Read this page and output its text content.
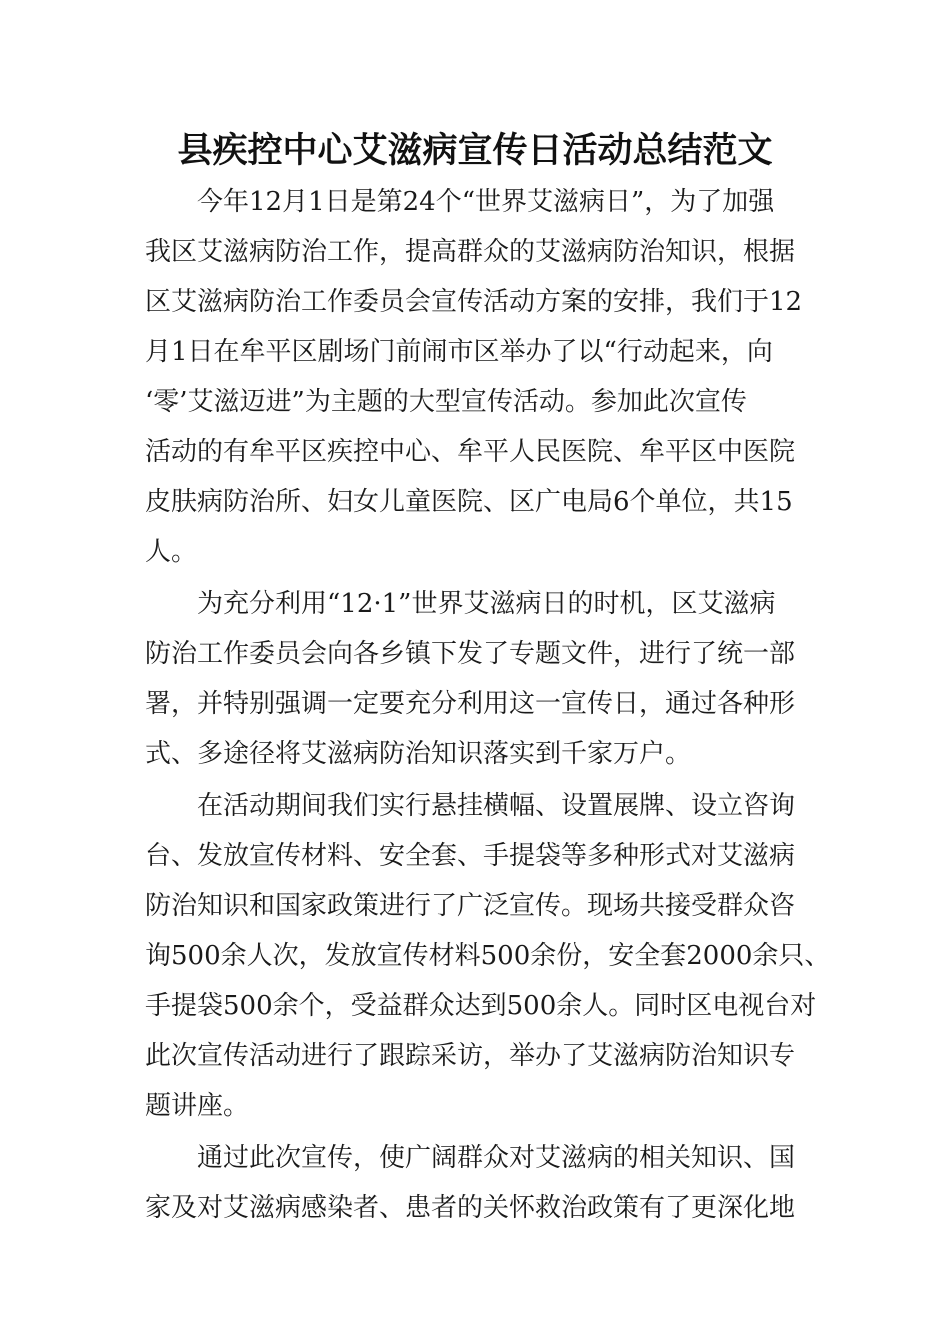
县疾控中心艾滋病宣传日活动总结范文

今年12月1日是第24个“世界艾滋病日”，为了加强
我区艾滋病防治工作，提高群众的艾滋病防治知识，根据
区艾滋病防治工作委员会宣传活动方案的安排，我们于12
月1日在牟平区剧场门前闹市区举办了以“行动起来，向
‘零’艾滋迈进”为主题的大型宣传活动。参加此次宣传
活动的有牟平区疾控中心、牟平人民医院、牟平区中医院
皮肤病防治所、妇女儿童医院、区广电局6个单位，共15
人。

为充分利用“12·1”世界艾滋病日的时机，区艾滋病
防治工作委员会向各乡镇下发了专题文件，进行了统一部
署，并特别强调一定要充分利用这一宣传日，通过各种形
式、多途径将艾滋病防治知识落实到千家万户。

在活动期间我们实行悬挂横幅、设置展牌、设立咨询
台、发放宣传材料、安全套、手提袋等多种形式对艾滋病
防治知识和国家政策进行了广泛宣传。现场共接受群众咨
询500余人次，发放宣传材料500余份，安全套2000余只、
手提袋500余个，受益群众达到500余人。同时区电视台对
此次宣传活动进行了跟踪采访，举办了艾滋病防治知识专
题讲座。

通过此次宣传，使广阔群众对艾滋病的相关知识、国
家及对艾滋病感染者、患者的关怀救治政策有了更深化地
